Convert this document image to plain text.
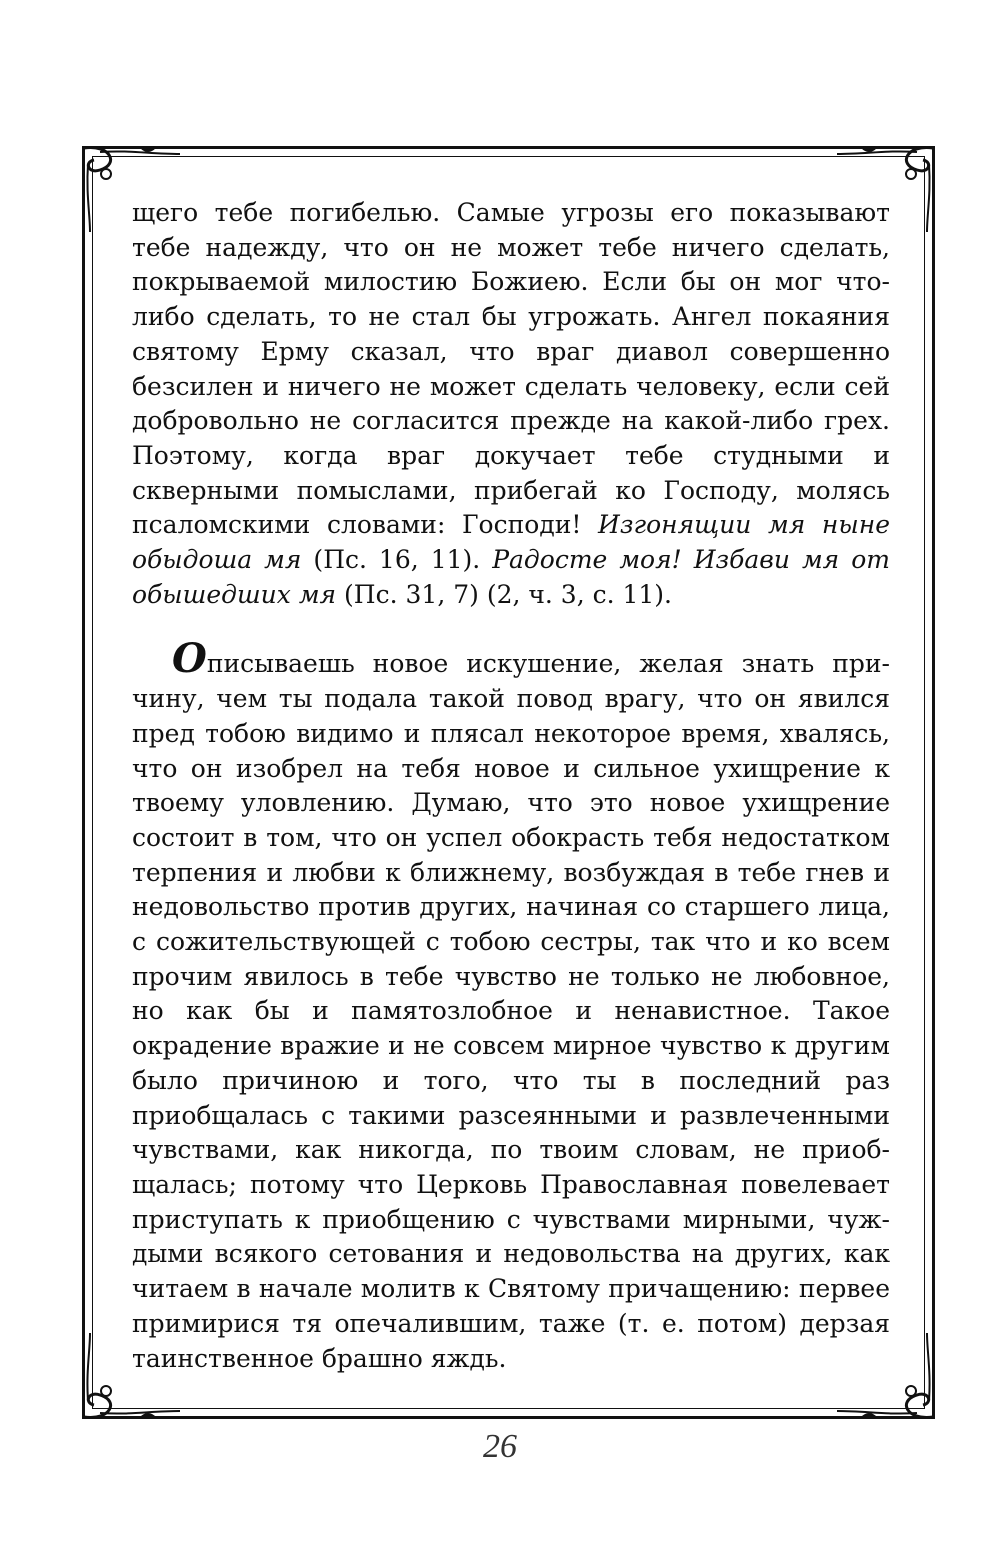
щего тебе погибелью. Самые угрозы его показывают тебе надежду, что он не может тебе ничего сделать, покрываемой милостию Божиею. Если бы он мог что-либо сделать, то не стал бы угрожать. Ангел покаяния святому Ерму сказал, что враг диавол совершенно безсилен и ничего не может сделать человеку, если сей добровольно не согласится прежде на какой-либо грех. Поэтому, когда враг докучает тебе студными и скверными помыслами, прибегай ко Господу, молясь псаломскими словами: Господи! Изгонящии мя ныне обыдоша мя (Пс. 16, 11). Радосте моя! Избави мя от обышедших мя (Пс. 31, 7) (2, ч. 3, с. 11).

Описываешь новое искушение, желая знать причину, чем ты подала такой повод врагу, что он явился пред тобою видимо и плясал некоторое время, хвалясь, что он изобрел на тебя новое и сильное ухищрение к твоему уловлению. Думаю, что это новое ухищрение состоит в том, что он успел обокрасть тебя недостатком терпения и любви к ближнему, возбуждая в тебе гнев и недовольство против других, начиная со старшего лица, с сожительствующей с тобою сестры, так что и ко всем прочим явилось в тебе чувство не только не любовное, но как бы и памятозлобное и ненавистное. Такое окрадение вражие и не совсем мирное чувство к другим было причиною и того, что ты в последний раз приобщалась с такими разсеянными и развлеченными чувствами, как никогда, по твоим словам, не приобщалась; потому что Церковь Православная повелевает приступать к приобщению с чувствами мирными, чуждыми всякого сетования и недовольства на других, как читаем в начале молитв к Святому причащению: первее примирися тя опечалившим, таже (т. е. потом) дерзая таинственное брашно яждь.

26
